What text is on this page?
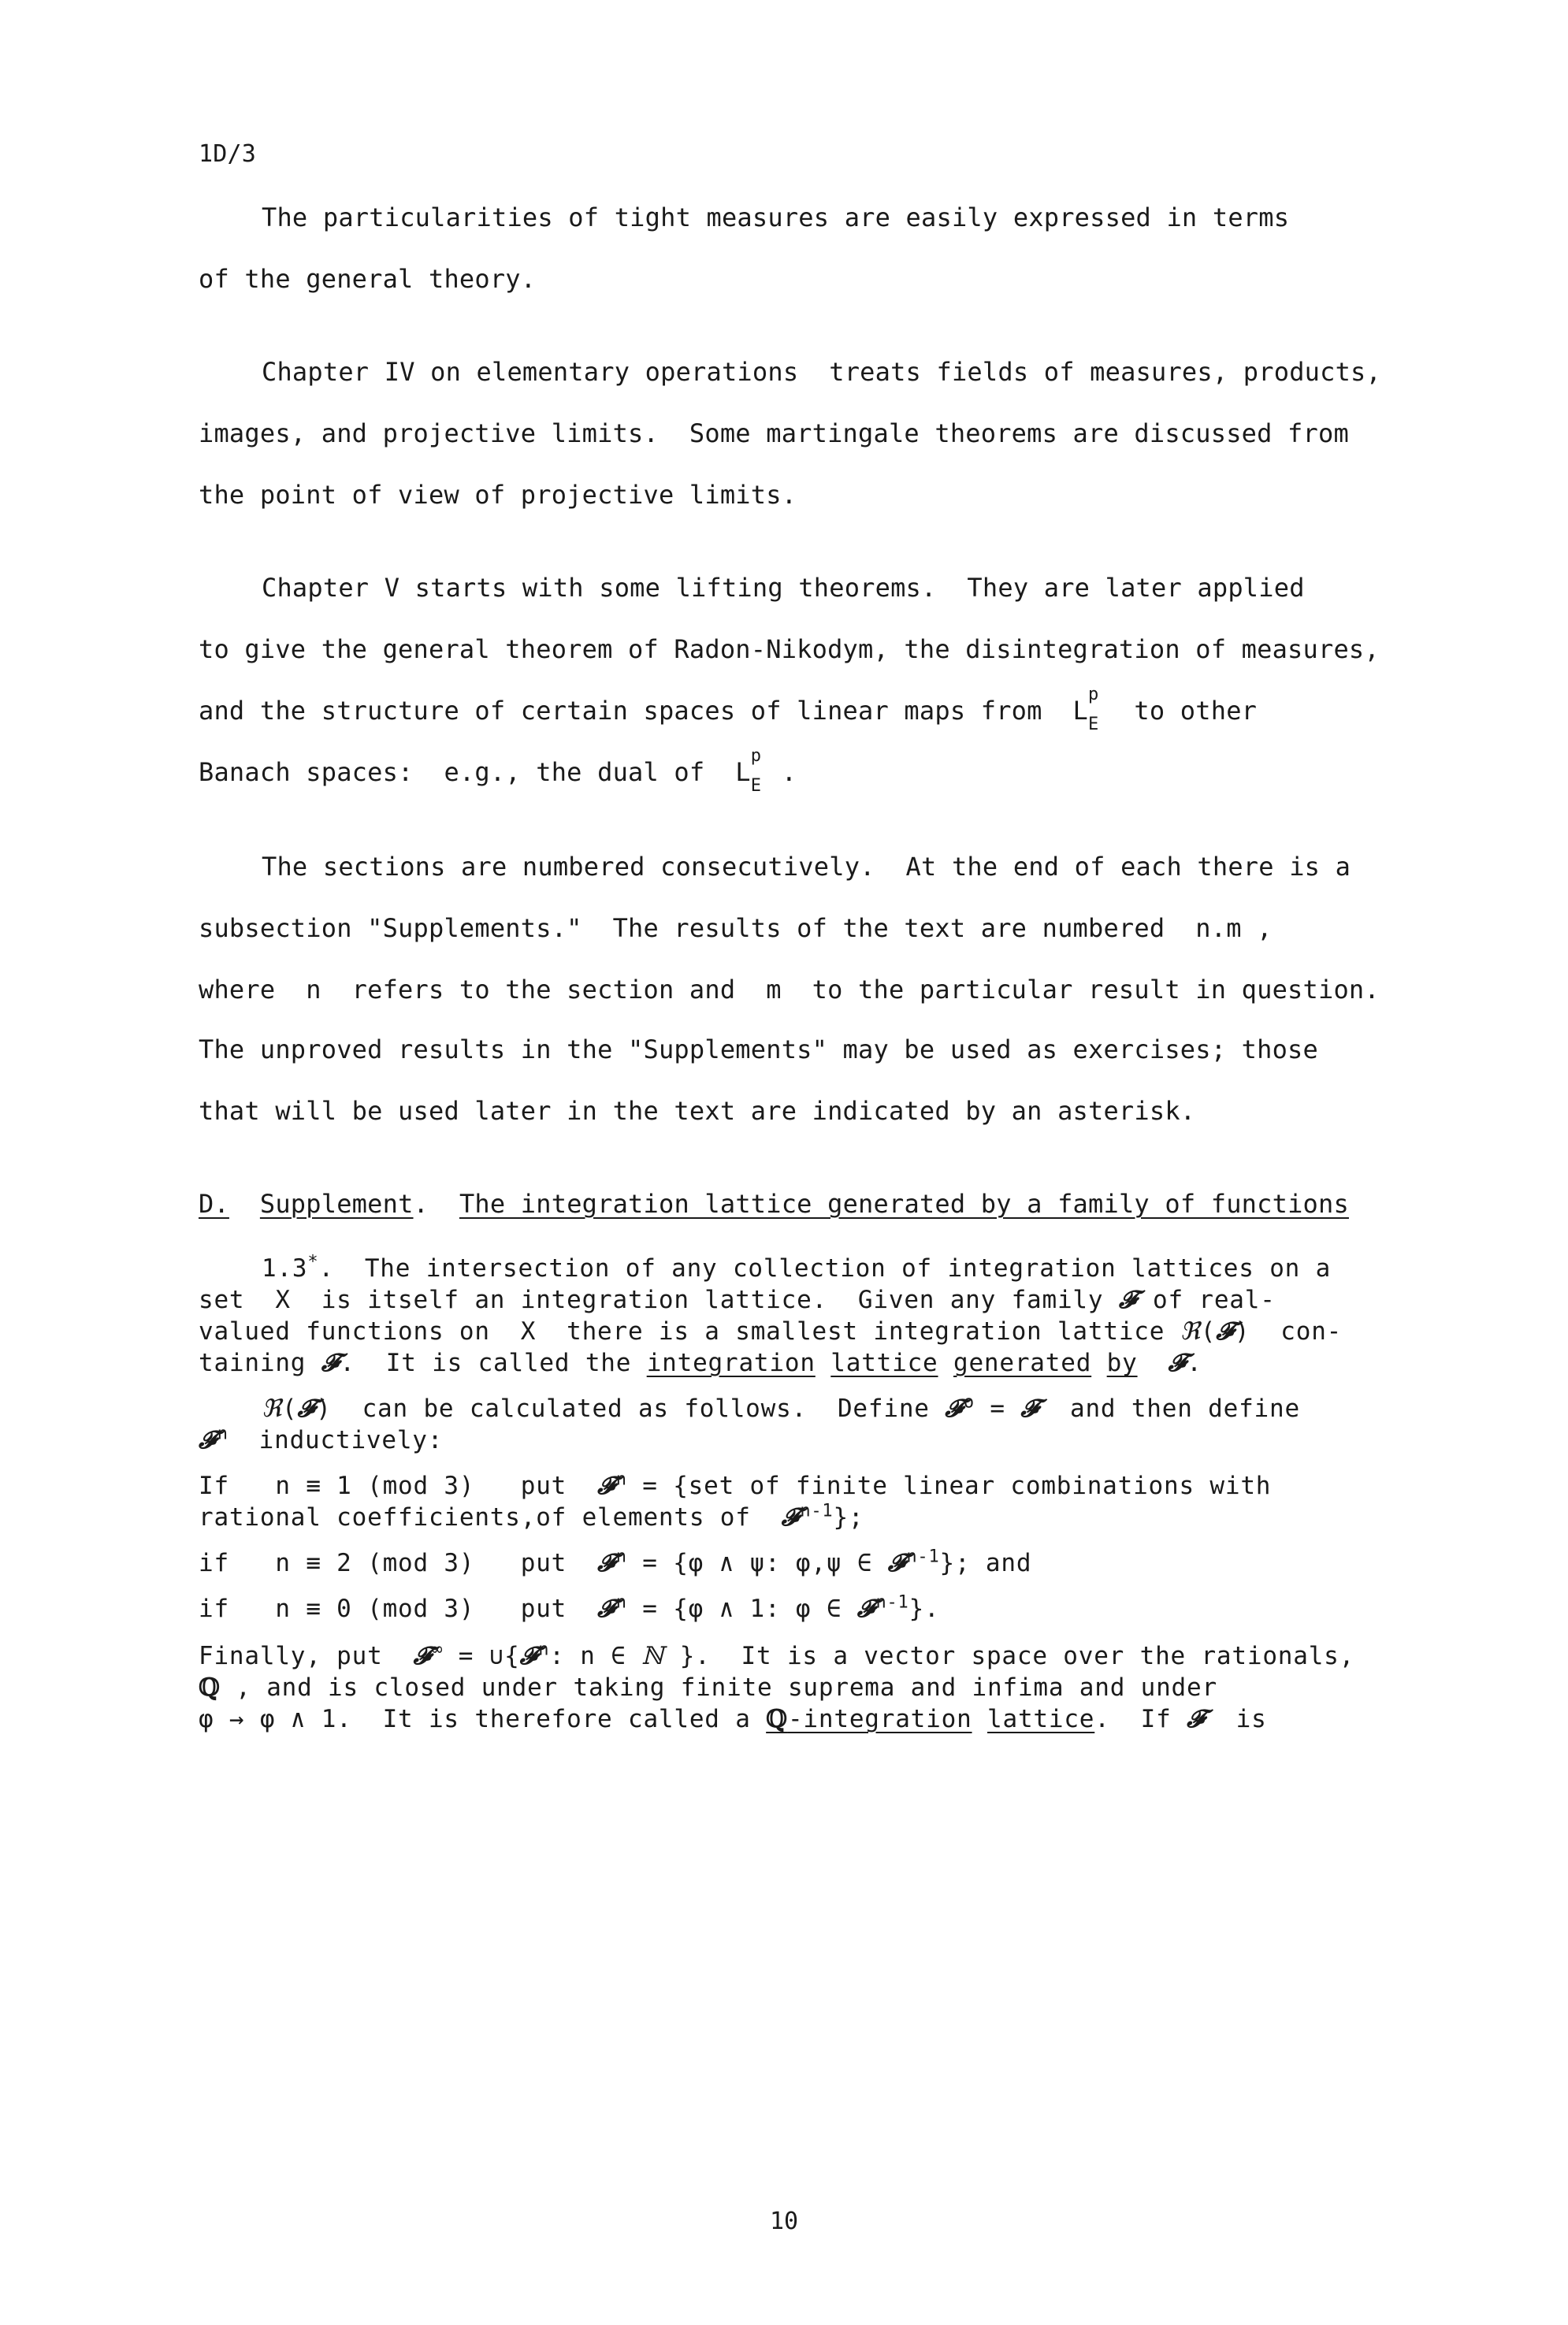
1D/3
The particularities of tight measures are easily expressed in terms
of the general theory.
Chapter IV on elementary operations  treats fields of measures, products,
images, and projective limits.  Some martingale theorems are discussed from
the point of view of projective limits.
Chapter V starts with some lifting theorems.  They are later applied
to give the general theorem of Radon-Nikodym, the disintegration of measures,
and the structure of certain spaces of linear maps from  L
p
E to other
Banach spaces:  e.g., the dual of  L
p
E .
The sections are numbered consecutively.  At the end of each there is a
subsection "Supplements."  The results of the text are numbered  n.m ,
where  n  refers to the section and  m  to the particular result in question.
The unproved results in the "Supplements" may be used as exercises; those
that will be used later in the text are indicated by an asterisk.
D. Supplement. The integration lattice generated by a family of functions
1.3*.  The intersection of any collection of integration lattices on a
set  X  is itself an integration lattice.  Given any family 𝓕 of real-
valued functions on  X  there is a smallest integration lattice ℜ(𝓕)  con-
taining 𝓕.  It is called the integration lattice generated by 𝓕.
ℜ(𝓕)  can be calculated as follows.  Define 𝓕$^o$ = 𝓕  and then define
𝓕$^n$  inductively:
If   n ≡ 1 (mod 3)   put  𝓕$^n$ = {set of finite linear combinations with
rational coefficients,of elements of  𝓕$^{n-1}$};
if   n ≡ 2 (mod 3)   put  𝓕$^n$ = {φ ∧ ψ: φ,ψ ∈ 𝓕$^{n-1}$}; and
if   n ≡ 0 (mod 3)   put  𝓕$^n$ = {φ ∧ 1: φ ∈ 𝓕$^{n-1}$}.
Finally, put  𝓕∞ = ∪{𝓕$^n$: n ∈ ℕ }.  It is a vector space over the rationals,
ℚ , and is closed under taking finite suprema and infima and under
φ → φ ∧ 1.  It is therefore called a ℚ-integration lattice.  If 𝓕  is
10
